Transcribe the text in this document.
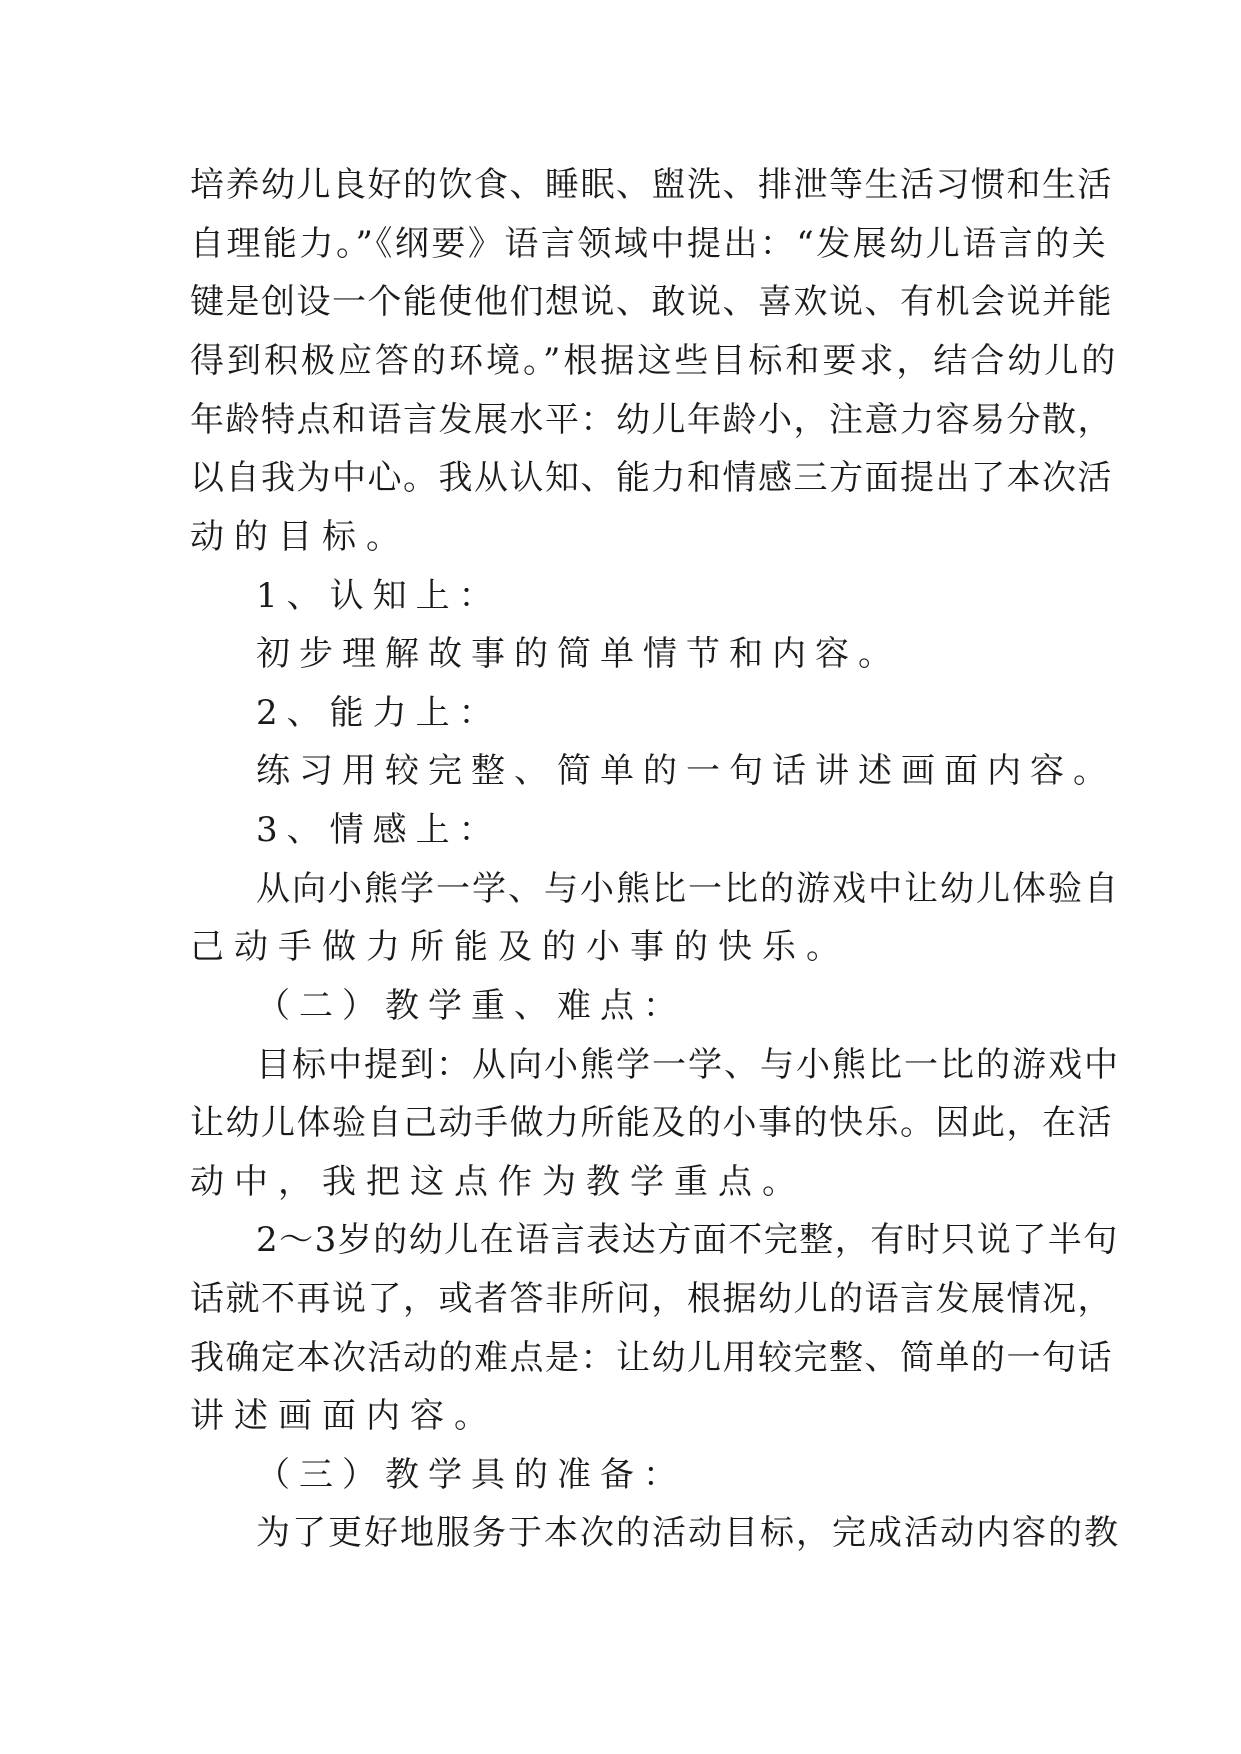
培养幼儿良好的饮食、睡眠、盥洗、排泄等生活习惯和生活
自理能力。”《纲要》语言领域中提出：“发展幼儿语言的关
键是创设一个能使他们想说、敢说、喜欢说、有机会说并能
得到积极应答的环境。”根据这些目标和要求，结合幼儿的
年龄特点和语言发展水平：幼儿年龄小，注意力容易分散，
以自我为中心。我从认知、能力和情感三方面提出了本次活
动的目标。
1、认知上：
初步理解故事的简单情节和内容。
2、能力上：
练习用较完整、简单的一句话讲述画面内容。
3、情感上：
从向小熊学一学、与小熊比一比的游戏中让幼儿体验自
己动手做力所能及的小事的快乐。
（二）教学重、难点：
目标中提到：从向小熊学一学、与小熊比一比的游戏中
让幼儿体验自己动手做力所能及的小事的快乐。因此，在活
动中，我把这点作为教学重点。
2～3岁的幼儿在语言表达方面不完整，有时只说了半句
话就不再说了，或者答非所问，根据幼儿的语言发展情况，
我确定本次活动的难点是：让幼儿用较完整、简单的一句话
讲述画面内容。
（三）教学具的准备：
为了更好地服务于本次的活动目标，完成活动内容的教
